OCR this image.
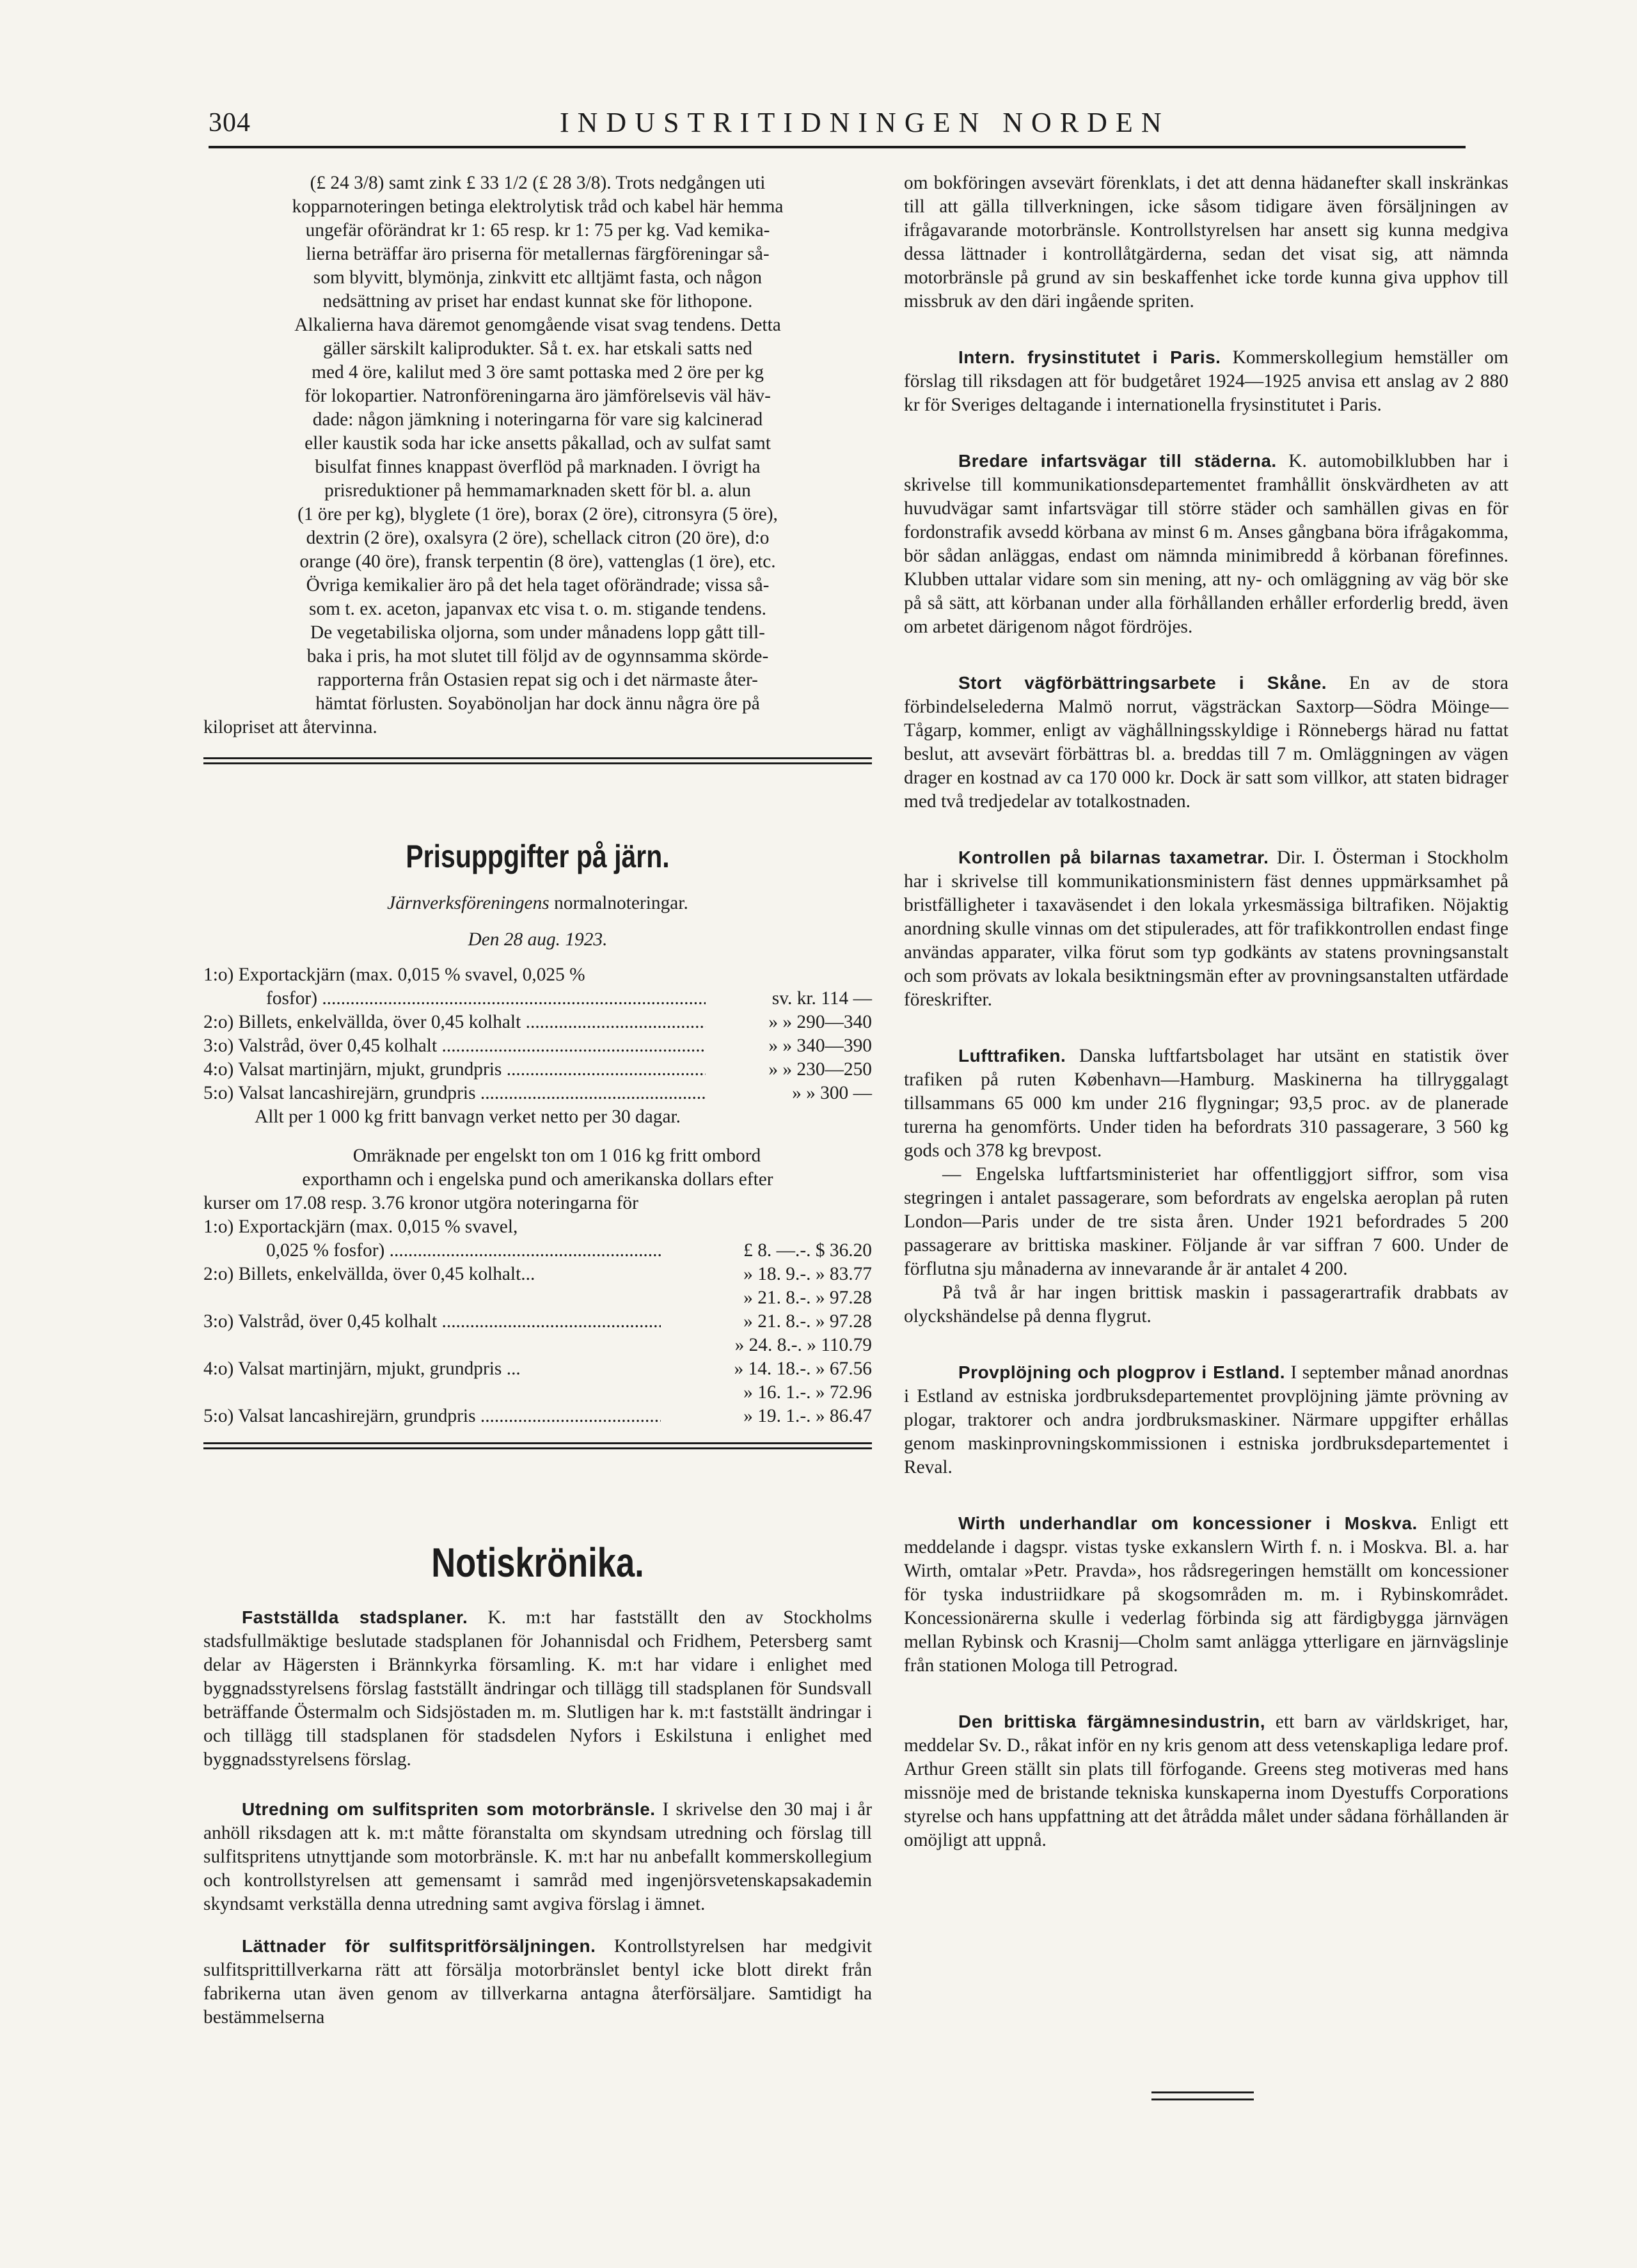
304	INDUSTRITIDNINGEN NORDEN

(£ 24 3/8) samt zink £ 33 1/2 (£ 28 3/8). Trots nedgången uti

kopparnoteringen betinga elektrolytisk tråd och kabel här hemma

ungefär oförändrat kr 1: 65 resp. kr 1: 75 per kg. Vad kemika-

lierna beträffar äro priserna för metallernas färgföreningar så-

som blyvitt, blymönja, zinkvitt etc alltjämt fasta, och någon

nedsättning av priset har endast kunnat ske för lithopone.

Alkalierna hava däremot genomgående visat svag tendens. Detta

gäller särskilt kaliprodukter. Så t. ex. har etskali satts ned

med 4 öre, kalilut med 3 öre samt pottaska med 2 öre per kg

för lokopartier. Natronföreningarna äro jämförelsevis väl häv-

dade: någon jämkning i noteringarna för vare sig kalcinerad

eller kaustik soda har icke ansetts påkallad, och av sulfat samt

bisulfat finnes knappast överflöd på marknaden. I övrigt ha

prisreduktioner på hemmamarknaden skett för bl. a. alun

(1 öre per kg), blyglete (1 öre), borax (2 öre), citronsyra (5 öre),

dextrin (2 öre), oxalsyra (2 öre), schellack citron (20 öre), d:o

orange (40 öre), fransk terpentin (8 öre), vattenglas (1 öre), etc.

Övriga kemikalier äro på det hela taget oförändrade; vissa så-

som t. ex. aceton, japanvax etc visa t. o. m. stigande tendens.

De vegetabiliska oljorna, som under månadens lopp gått till-

baka i pris, ha mot slutet till följd av de ogynnsamma skörde-

rapporterna från Ostasien repat sig och i det närmaste åter-

hämtat förlusten. Soyabönoljan har dock ännu några öre på

kilopriset att återvinna.

Prisuppgifter på järn.

Järnverksföreningens normalnoteringar.

Den 28 aug. 1923.

1:o) Exportackjärn (max. 0,015 % svavel, 0,025 %
fosfor) .....	sv. kr. 114 —
2:o) Billets, enkelvällda, över 0,45 kolhalt .....	» » 290—340
3:o) Valstråd, över 0,45 kolhalt .....	» » 340—390
4:o) Valsat martinjärn, mjukt, grundpris .....	» » 230—250
5:o) Valsat lancashirejärn, grundpris .....	» » 300 —

Allt per 1 000 kg fritt banvagn verket netto per 30 dagar.

Omräknade per engelskt ton om 1 016 kg fritt ombord

exporthamn och i engelska pund och amerikanska dollars efter

kurser om 17.08 resp. 3.76 kronor utgöra noteringarna för

1:o) Exportackjärn (max. 0,015 % svavel,
0,025 % fosfor) .....	£ 8. —.-. $ 36.20
2:o) Billets, enkelvällda, över 0,45 kolhalt...	» 18. 9.-. » 83.77
» 21. 8.-. » 97.28
3:o) Valstråd, över 0,45 kolhalt .....	» 21. 8.-. » 97.28
» 24. 8.-. » 110.79
4:o) Valsat martinjärn, mjukt, grundpris ...	» 14. 18.-. » 67.56
» 16. 1.-. » 72.96
5:o) Valsat lancashirejärn, grundpris .....	» 19. 1.-. » 86.47
Notiskrönika.

Fastställda stadsplaner. K. m:t har fastställt den av Stockholms stadsfullmäktige beslutade stadsplanen för Johannisdal och Fridhem, Petersberg samt delar av Hägersten i Brännkyrka församling. K. m:t har vidare i enlighet med byggnadsstyrelsens förslag fastställt ändringar och tillägg till stadsplanen för Sundsvall beträffande Östermalm och Sidsjöstaden m. m. Slutligen har k. m:t fastställt ändringar i och tillägg till stadsplanen för stadsdelen Nyfors i Eskilstuna i enlighet med byggnadsstyrelsens förslag.

Utredning om sulfitspriten som motorbränsle. I skrivelse den 30 maj i år anhöll riksdagen att k. m:t måtte föranstalta om skyndsam utredning och förslag till sulfitspritens utnyttjande som motorbränsle. K. m:t har nu anbefallt kommerskollegium och kontrollstyrelsen att gemensamt i samråd med ingenjörsvetenskapsakademin skyndsamt verkställa denna utredning samt avgiva förslag i ämnet.

Lättnader för sulfitspritförsäljningen. Kontrollstyrelsen har medgivit sulfitsprittillverkarna rätt att försälja motorbränslet bentyl icke blott direkt från fabrikerna utan även genom av tillverkarna antagna återförsäljare. Samtidigt ha bestämmelserna

om bokföringen avsevärt förenklats, i det att denna hädanefter skall inskränkas till att gälla tillverkningen, icke såsom tidigare även försäljningen av ifrågavarande motorbränsle. Kontrollstyrelsen har ansett sig kunna medgiva dessa lättnader i kontrollåtgärderna, sedan det visat sig, att nämnda motorbränsle på grund av sin beskaffenhet icke torde kunna giva upphov till missbruk av den däri ingående spriten.

Intern. frysinstitutet i Paris. Kommerskollegium hemställer om förslag till riksdagen att för budgetåret 1924—1925 anvisa ett anslag av 2 880 kr för Sveriges deltagande i internationella frysinstitutet i Paris.

Bredare infartsvägar till städerna. K. automobilklubben har i skrivelse till kommunikationsdepartementet framhållit önskvärdheten av att huvudvägar samt infartsvägar till större städer och samhällen givas en för fordonstrafik avsedd körbana av minst 6 m. Anses gångbana böra ifrågakomma, bör sådan anläggas, endast om nämnda minimibredd å körbanan förefinnes. Klubben uttalar vidare som sin mening, att ny- och omläggning av väg bör ske på så sätt, att körbanan under alla förhållanden erhåller erforderlig bredd, även om arbetet därigenom något fördröjes.

Stort vägförbättringsarbete i Skåne. En av de stora förbindelselederna Malmö norrut, vägsträckan Saxtorp—Södra Möinge—Tågarp, kommer, enligt av väghållningsskyldige i Rönnebergs härad nu fattat beslut, att avsevärt förbättras bl. a. breddas till 7 m. Omläggningen av vägen drager en kostnad av ca 170 000 kr. Dock är satt som villkor, att staten bidrager med två tredjedelar av totalkostnaden.

Kontrollen på bilarnas taxametrar. Dir. I. Österman i Stockholm har i skrivelse till kommunikationsministern fäst dennes uppmärksamhet på bristfälligheter i taxaväsendet i den lokala yrkesmässiga biltrafiken. Nöjaktig anordning skulle vinnas om det stipulerades, att för trafikkontrollen endast finge användas apparater, vilka förut som typ godkänts av statens provningsanstalt och som prövats av lokala besiktningsmän efter av provningsanstalten utfärdade föreskrifter.

Lufttrafiken. Danska luftfartsbolaget har utsänt en statistik över trafiken på ruten København—Hamburg. Maskinerna ha tillryggalagt tillsammans 65 000 km under 216 flygningar; 93,5 proc. av de planerade turerna ha genomförts. Under tiden ha befordrats 310 passagerare, 3 560 kg gods och 378 kg brevpost.

— Engelska luftfartsministeriet har offentliggjort siffror, som visa stegringen i antalet passagerare, som befordrats av engelska aeroplan på ruten London—Paris under de tre sista åren. Under 1921 befordrades 5 200 passagerare av brittiska maskiner. Följande år var siffran 7 600. Under de förflutna sju månaderna av innevarande år är antalet 4 200.

På två år har ingen brittisk maskin i passagerartrafik drabbats av olyckshändelse på denna flygrut.

Provplöjning och plogprov i Estland. I september månad anordnas i Estland av estniska jordbruksdepartementet provplöjning jämte prövning av plogar, traktorer och andra jordbruksmaskiner. Närmare uppgifter erhållas genom maskinprovningskommissionen i estniska jordbruksdepartementet i Reval.

Wirth underhandlar om koncessioner i Moskva. Enligt ett meddelande i dagspr. vistas tyske exkanslern Wirth f. n. i Moskva. Bl. a. har Wirth, omtalar »Petr. Pravda», hos rådsregeringen hemställt om koncessioner för tyska industriidkare på skogsområden m. m. i Rybinskområdet. Koncessionärerna skulle i vederlag förbinda sig att färdigbygga järnvägen mellan Rybinsk och Krasnij—Cholm samt anlägga ytterligare en järnvägslinje från stationen Mologa till Petrograd.

Den brittiska färgämnesindustrin, ett barn av världskriget, har, meddelar Sv. D., råkat inför en ny kris genom att dess vetenskapliga ledare prof. Arthur Green ställt sin plats till förfogande. Greens steg motiveras med hans missnöje med de bristande tekniska kunskaperna inom Dyestuffs Corporations styrelse och hans uppfattning att det åtrådda målet under sådana förhållanden är omöjligt att uppnå.
